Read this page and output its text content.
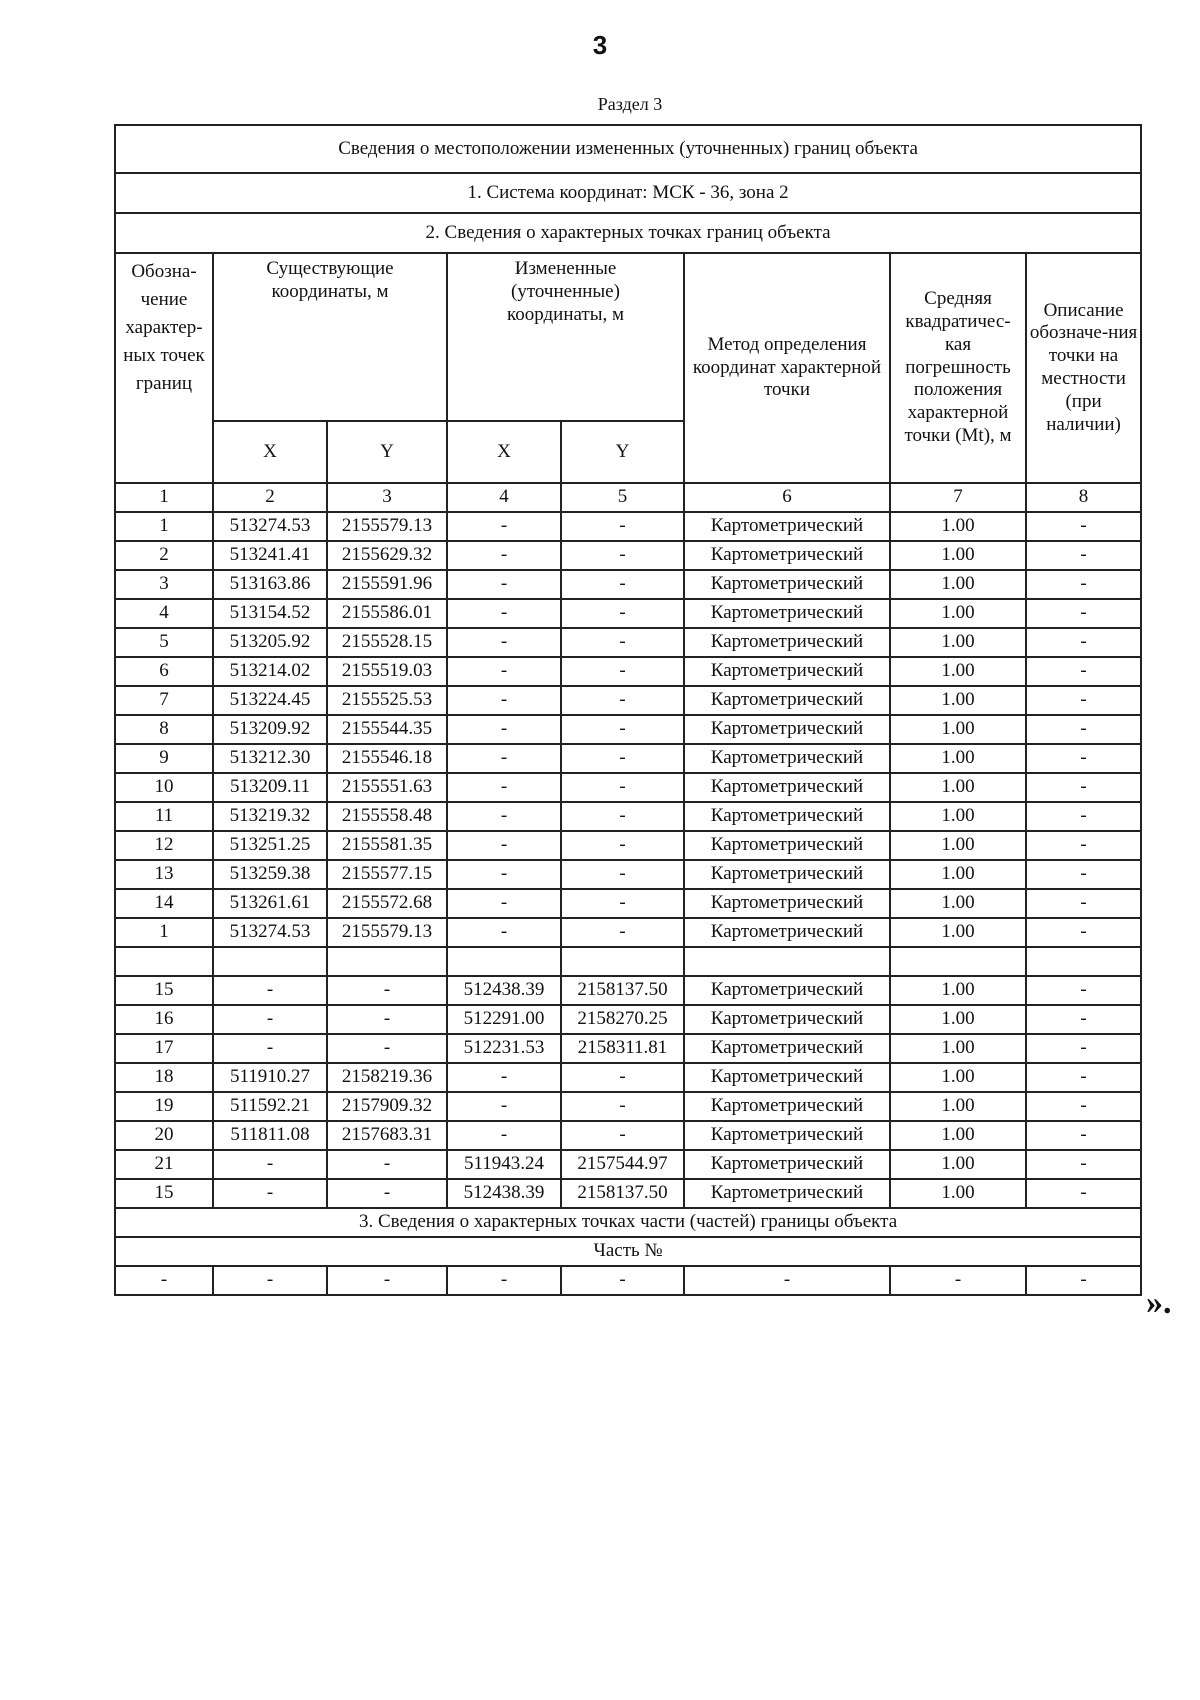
3
Раздел 3
Сведения о местоположении измененных (уточненных) границ объекта							
1. Система координат: МСК - 36, зона 2							
2. Сведения о характерных точках границ объекта							
Обозна-чение характер-ных точек границ	Существующие координаты, м		Измененные (уточненные) координаты, м		Метод определения координат характерной точки	Средняя квадратичес-кая погрешность положения характерной точки (Mt), м	Описание обозначе-ния точки на местности (при наличии)
	X	Y	X	Y			
1	2	3	4	5	6	7	8
1	513274.53	2155579.13	-	-	Картометрический	1.00	-
2	513241.41	2155629.32	-	-	Картометрический	1.00	-
3	513163.86	2155591.96	-	-	Картометрический	1.00	-
4	513154.52	2155586.01	-	-	Картометрический	1.00	-
5	513205.92	2155528.15	-	-	Картометрический	1.00	-
6	513214.02	2155519.03	-	-	Картометрический	1.00	-
7	513224.45	2155525.53	-	-	Картометрический	1.00	-
8	513209.92	2155544.35	-	-	Картометрический	1.00	-
9	513212.30	2155546.18	-	-	Картометрический	1.00	-
10	513209.11	2155551.63	-	-	Картометрический	1.00	-
11	513219.32	2155558.48	-	-	Картометрический	1.00	-
12	513251.25	2155581.35	-	-	Картометрический	1.00	-
13	513259.38	2155577.15	-	-	Картометрический	1.00	-
14	513261.61	2155572.68	-	-	Картометрический	1.00	-
1	513274.53	2155579.13	-	-	Картометрический	1.00	-

15	-	-	512438.39	2158137.50	Картометрический	1.00	-
16	-	-	512291.00	2158270.25	Картометрический	1.00	-
17	-	-	512231.53	2158311.81	Картометрический	1.00	-
18	511910.27	2158219.36	-	-	Картометрический	1.00	-
19	511592.21	2157909.32	-	-	Картометрический	1.00	-
20	511811.08	2157683.31	-	-	Картометрический	1.00	-
21	-	-	511943.24	2157544.97	Картометрический	1.00	-
15	-	-	512438.39	2158137.50	Картометрический	1.00	-
3. Сведения о характерных точках части (частей) границы объекта							
Часть №							
-	-	-	-	-	-	-	-
».
